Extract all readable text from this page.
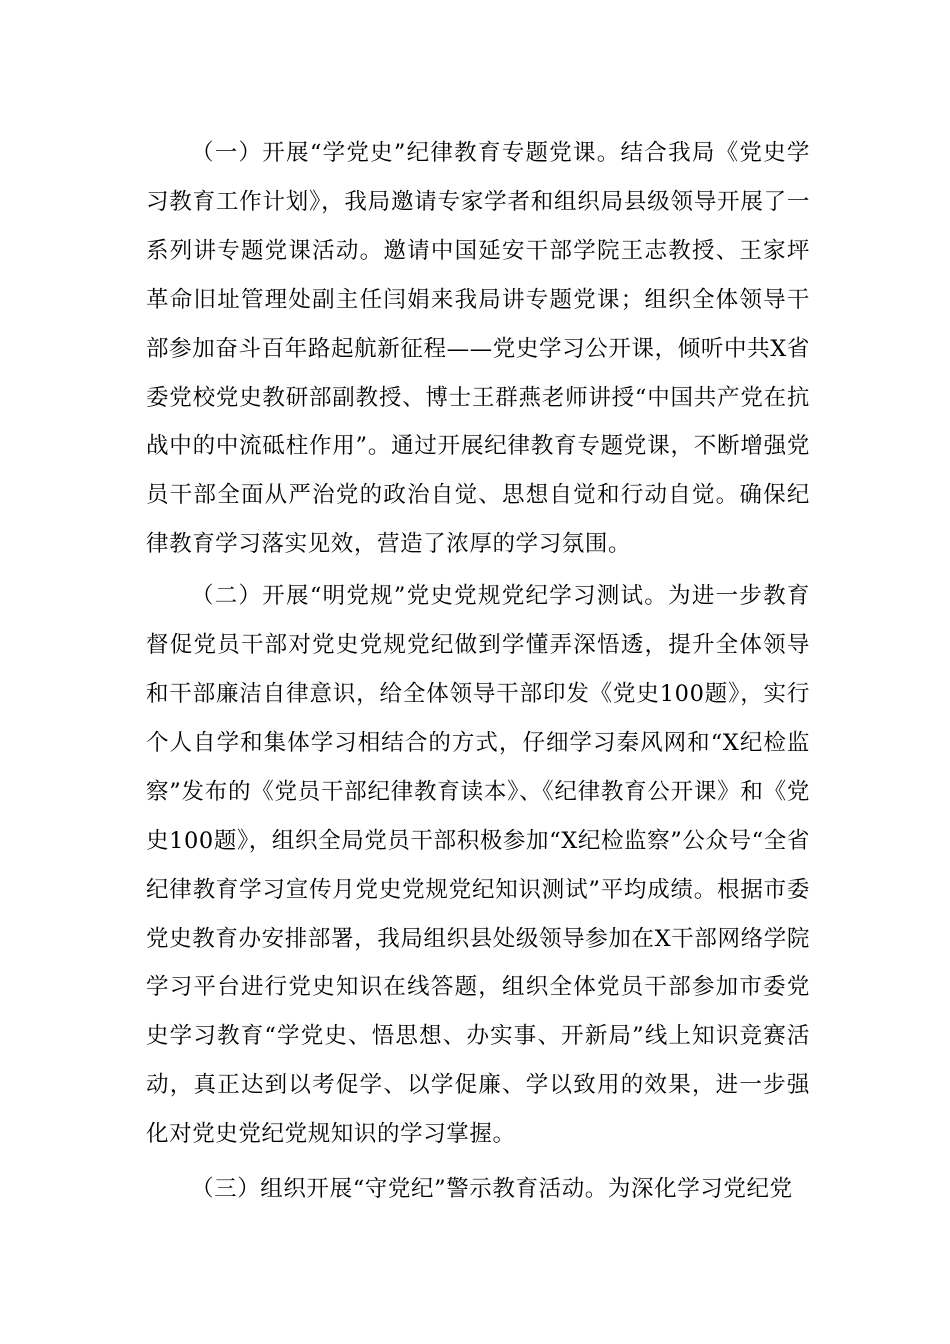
（一）开展“学党史”纪律教育专题党课。结合我局《党史学习教育工作计划》，我局邀请专家学者和组织局县级领导开展了一系列讲专题党课活动。邀请中国延安干部学院王志教授、王家坪革命旧址管理处副主任闫娟来我局讲专题党课；组织全体领导干部参加奋斗百年路起航新征程——党史学习公开课，倾听中共X省委党校党史教研部副教授、博士王群燕老师讲授“中国共产党在抗战中的中流砥柱作用”。通过开展纪律教育专题党课，不断增强党员干部全面从严治党的政治自觉、思想自觉和行动自觉。确保纪律教育学习落实见效，营造了浓厚的学习氛围。

（二）开展“明党规”党史党规党纪学习测试。为进一步教育督促党员干部对党史党规党纪做到学懂弄深悟透，提升全体领导和干部廉洁自律意识，给全体领导干部印发《党史100题》，实行个人自学和集体学习相结合的方式，仔细学习秦风网和“X纪检监察”发布的《党员干部纪律教育读本》、《纪律教育公开课》和《党史100题》，组织全局党员干部积极参加“X纪检监察”公众号“全省纪律教育学习宣传月党史党规党纪知识测试”平均成绩。根据市委党史教育办安排部署，我局组织县处级领导参加在X干部网络学院学习平台进行党史知识在线答题，组织全体党员干部参加市委党史学习教育“学党史、悟思想、办实事、开新局”线上知识竞赛活动，真正达到以考促学、以学促廉、学以致用的效果，进一步强化对党史党纪党规知识的学习掌握。

（三）组织开展“守党纪”警示教育活动。为深化学习党纪党
